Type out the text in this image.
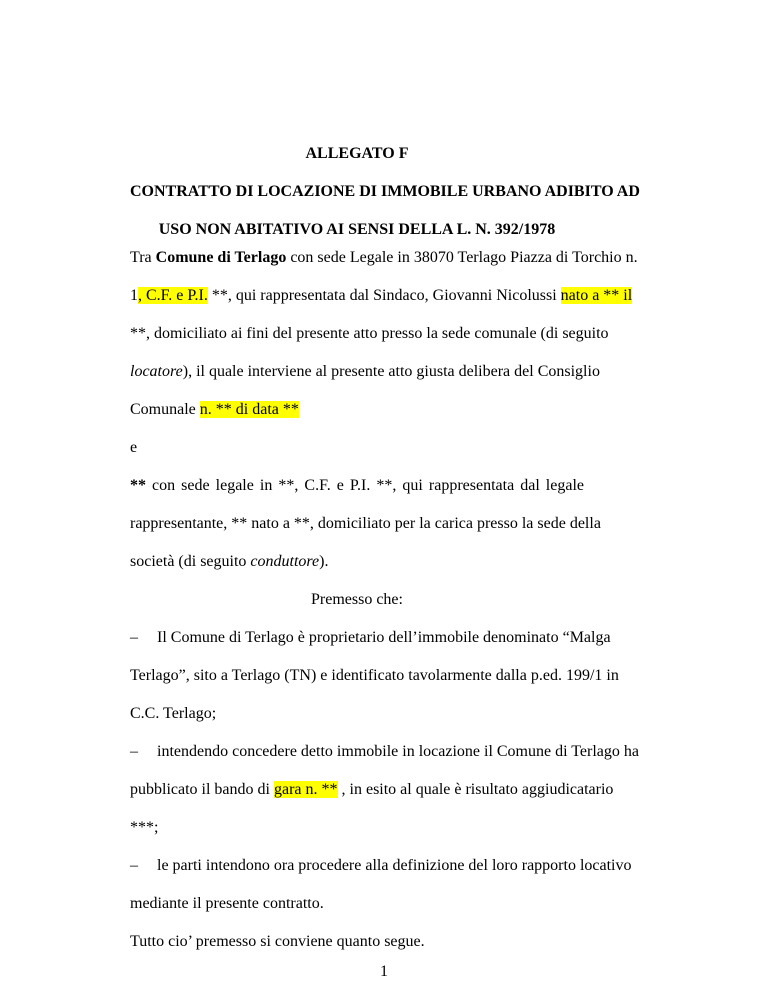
ALLEGATO F
CONTRATTO DI LOCAZIONE DI IMMOBILE URBANO ADIBITO AD
USO NON ABITATIVO AI SENSI DELLA L. N. 392/1978
Tra Comune di Terlago con sede Legale in 38070 Terlago Piazza di Torchio n.
1, C.F. e P.I. **, qui rappresentata dal Sindaco, Giovanni Nicolussi nato a ** il
**, domiciliato ai fini del presente atto presso la sede comunale (di seguito
locatore), il quale interviene al presente atto giusta delibera del Consiglio
Comunale n. ** di data **
e
** con sede legale in **, C.F. e P.I. **, qui rappresentata dal legale
rappresentante, ** nato a **, domiciliato per la carica presso la sede della
società (di seguito conduttore).
Premesso che:
– Il Comune di Terlago è proprietario dell’immobile denominato “Malga
Terlago”, sito a Terlago (TN) e identificato tavolarmente dalla p.ed. 199/1 in
C.C. Terlago;
– intendendo concedere detto immobile in locazione il Comune di Terlago ha
pubblicato il bando di gara n. ** , in esito al quale è risultato aggiudicatario
***;
– le parti intendono ora procedere alla definizione del loro rapporto locativo
mediante il presente contratto.
Tutto cio’ premesso si conviene quanto segue.
1
